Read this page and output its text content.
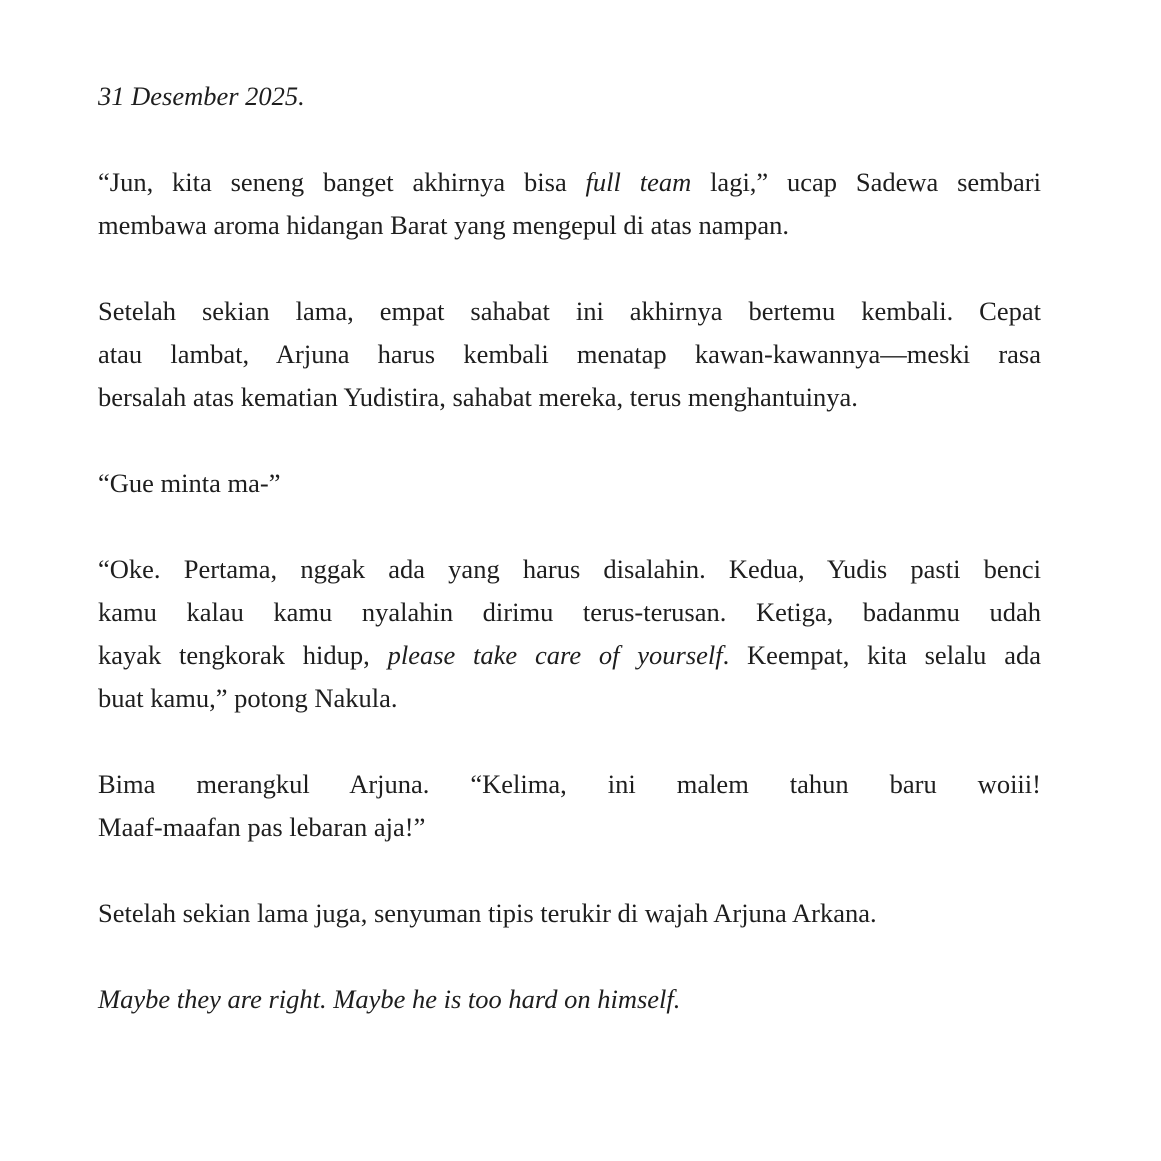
31 Desember 2025.

“Jun, kita seneng banget akhirnya bisa full team lagi,” ucap Sadewa sembari
membawa aroma hidangan Barat yang mengepul di atas nampan.

Setelah sekian lama, empat sahabat ini akhirnya bertemu kembali. Cepat
atau lambat, Arjuna harus kembali menatap kawan-kawannya—meski rasa
bersalah atas kematian Yudistira, sahabat mereka, terus menghantuinya.

“Gue minta ma-”

“Oke. Pertama, nggak ada yang harus disalahin. Kedua, Yudis pasti benci
kamu kalau kamu nyalahin dirimu terus-terusan. Ketiga, badanmu udah
kayak tengkorak hidup, please take care of yourself. Keempat, kita selalu ada
buat kamu,” potong Nakula.

Bima merangkul Arjuna. “Kelima, ini malem tahun baru woiii!
Maaf-maafan pas lebaran aja!”

Setelah sekian lama juga, senyuman tipis terukir di wajah Arjuna Arkana.

Maybe they are right. Maybe he is too hard on himself.
